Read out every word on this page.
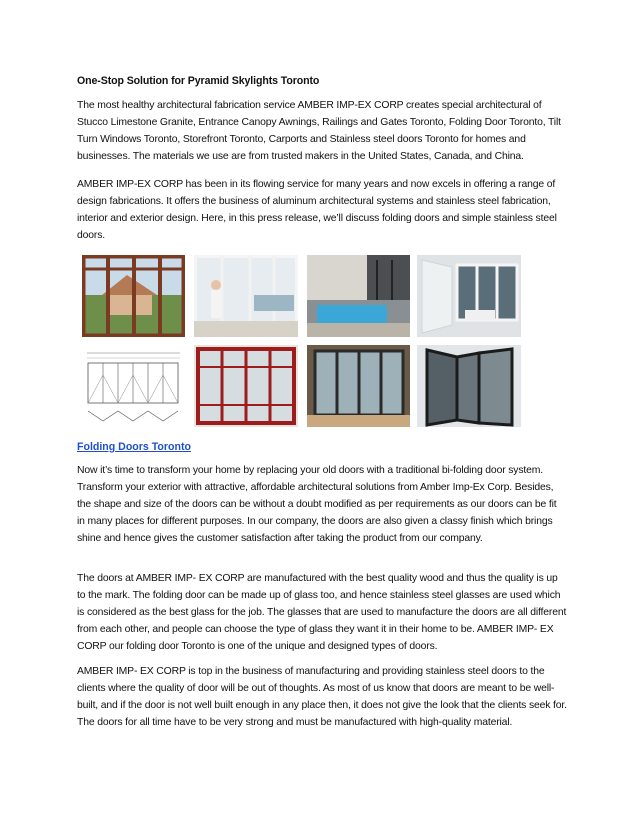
One-Stop Solution for Pyramid Skylights Toronto

The most healthy architectural fabrication service AMBER IMP-EX CORP creates special architectural of Stucco Limestone Granite, Entrance Canopy Awnings, Railings and Gates Toronto, Folding Door Toronto, Tilt Turn Windows Toronto, Storefront Toronto, Carports and Stainless steel doors Toronto for homes and businesses. The materials we use are from trusted makers in the United States, Canada, and China.

AMBER IMP-EX CORP has been in its flowing service for many years and now excels in offering a range of design fabrications. It offers the business of aluminum architectural systems and stainless steel fabrication, interior and exterior design. Here, in this press release, we’ll discuss folding doors and simple stainless steel doors.

Folding Doors Toronto

Now it’s time to transform your home by replacing your old doors with a traditional bi-folding door system. Transform your exterior with attractive, affordable architectural solutions from Amber Imp-Ex Corp. Besides, the shape and size of the doors can be without a doubt modified as per requirements as our doors can be fit in many places for different purposes. In our company, the doors are also given a classy finish which brings shine and hence gives the customer satisfaction after taking the product from our company.

The doors at AMBER IMP- EX CORP are manufactured with the best quality wood and thus the quality is up to the mark. The folding door can be made up of glass too, and hence stainless steel glasses are used which is considered as the best glass for the job. The glasses that are used to manufacture the doors are all different from each other, and people can choose the type of glass they want it in their home to be. AMBER IMP- EX CORP our folding door Toronto is one of the unique and designed types of doors.

AMBER IMP- EX CORP is top in the business of manufacturing and providing stainless steel doors to the clients where the quality of door will be out of thoughts. As most of us know that doors are meant to be well-built, and if the door is not well built enough in any place then, it does not give the look that the clients seek for. The doors for all time have to be very strong and must be manufactured with high-quality material.
